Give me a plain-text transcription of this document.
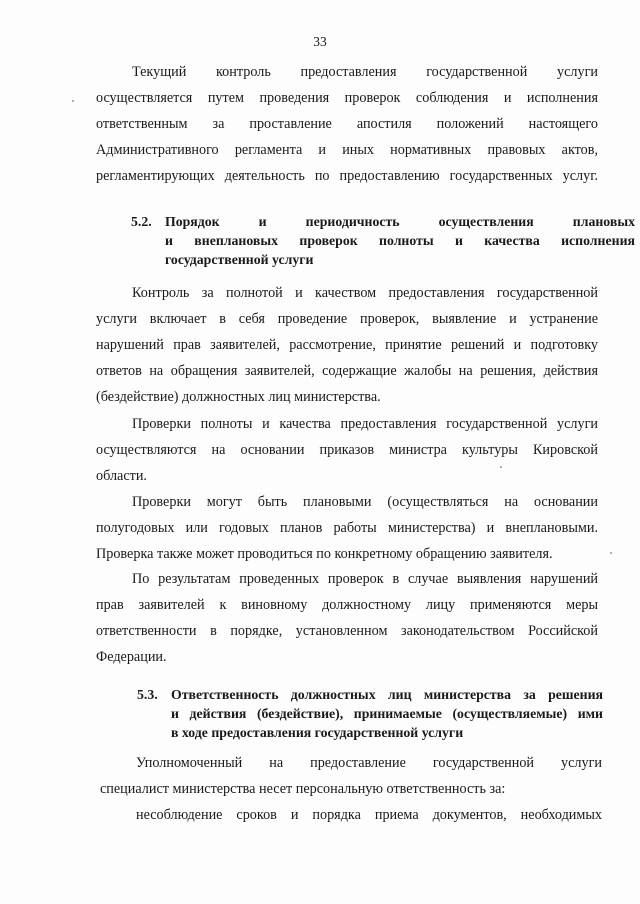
33
Текущий контроль предоставления государственной услуги
осуществляется путем проведения проверок соблюдения и исполнения
ответственным за проставление апостиля положений настоящего
Административного регламента и иных нормативных правовых актов,
регламентирующих деятельность по предоставлению государственных услуг.
5.2. Порядок и периодичность осуществления плановых
и внеплановых проверок полноты и качества исполнения
государственной услуги
Контроль за полнотой и качеством предоставления государственной
услуги включает в себя проведение проверок, выявление и устранение
нарушений прав заявителей, рассмотрение, принятие решений и подготовку
ответов на обращения заявителей, содержащие жалобы на решения, действия
(бездействие) должностных лиц министерства.
Проверки полноты и качества предоставления государственной услуги
осуществляются на основании приказов министра культуры Кировской
области.
Проверки могут быть плановыми (осуществляться на основании
полугодовых или годовых планов работы министерства) и внеплановыми.
Проверка также может проводиться по конкретному обращению заявителя.
По результатам проведенных проверок в случае выявления нарушений
прав заявителей к виновному должностному лицу применяются меры
ответственности в порядке, установленном законодательством Российской
Федерации.
5.3. Ответственность должностных лиц министерства за решения
и действия (бездействие), принимаемые (осуществляемые) ими
в ходе предоставления государственной услуги
Уполномоченный на предоставление государственной услуги
специалист министерства несет персональную ответственность за:
несоблюдение сроков и порядка приема документов, необходимых
